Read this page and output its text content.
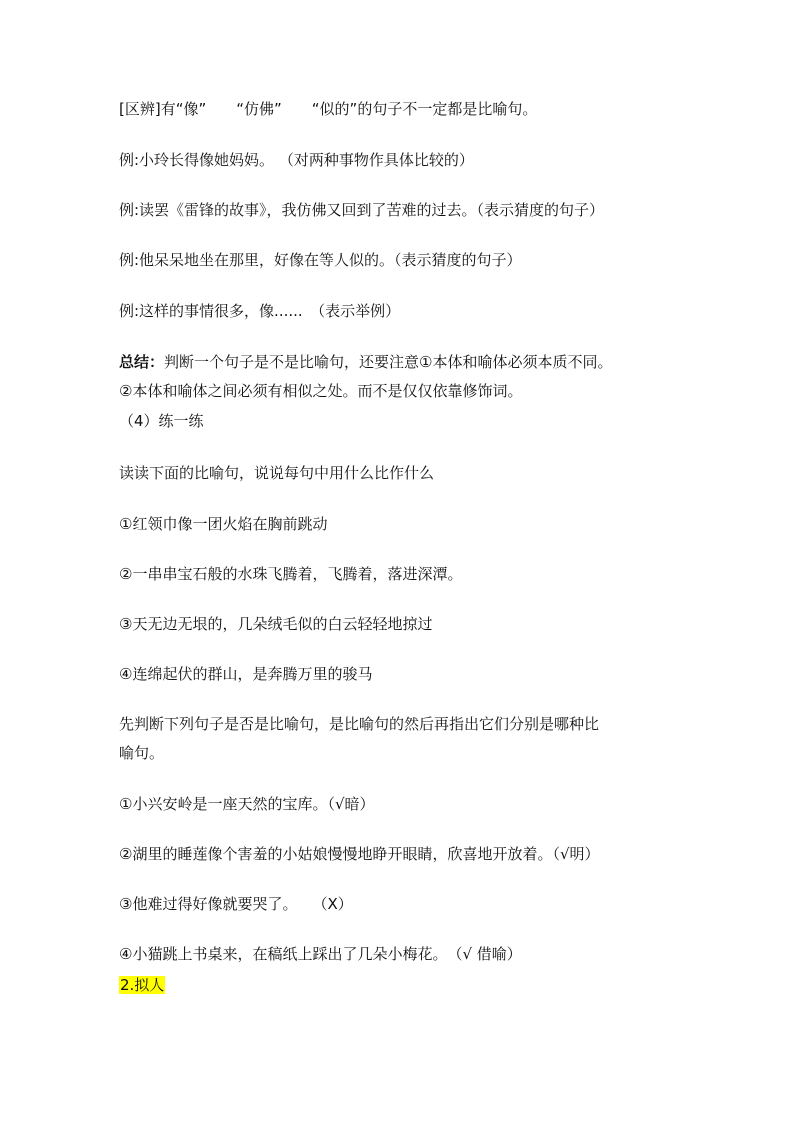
[区辨]有“像”　　“仿佛”　　“似的”的句子不一定都是比喻句。
例:小玲长得像她妈妈。 （对两种事物作具体比较的）
例:读罢《雷锋的故事》，我仿佛又回到了苦难的过去。（表示猜度的句子）
例:他呆呆地坐在那里，好像在等人似的。（表示猜度的句子）
例:这样的事情很多，像......　（表示举例）
总结：判断一个句子是不是比喻句，还要注意①本体和喻体必须本质不同。
②本体和喻体之间必须有相似之处。而不是仅仅依靠修饰词。
（4）练一练
读读下面的比喻句，说说每句中用什么比作什么
①红领巾像一团火焰在胸前跳动
②一串串宝石般的水珠飞腾着，飞腾着，落进深潭。
③天无边无垠的，几朵绒毛似的白云轻轻地掠过
④连绵起伏的群山，是奔腾万里的骏马
先判断下列句子是否是比喻句，是比喻句的然后再指出它们分别是哪种比
喻句。
①小兴安岭是一座天然的宝库。（√暗）
②湖里的睡莲像个害羞的小姑娘慢慢地睁开眼睛，欣喜地开放着。（√明）
③他难过得好像就要哭了。　　（X）
④小猫跳上书桌来，在稿纸上踩出了几朵小梅花。　（√ 借喻）
2.拟人
